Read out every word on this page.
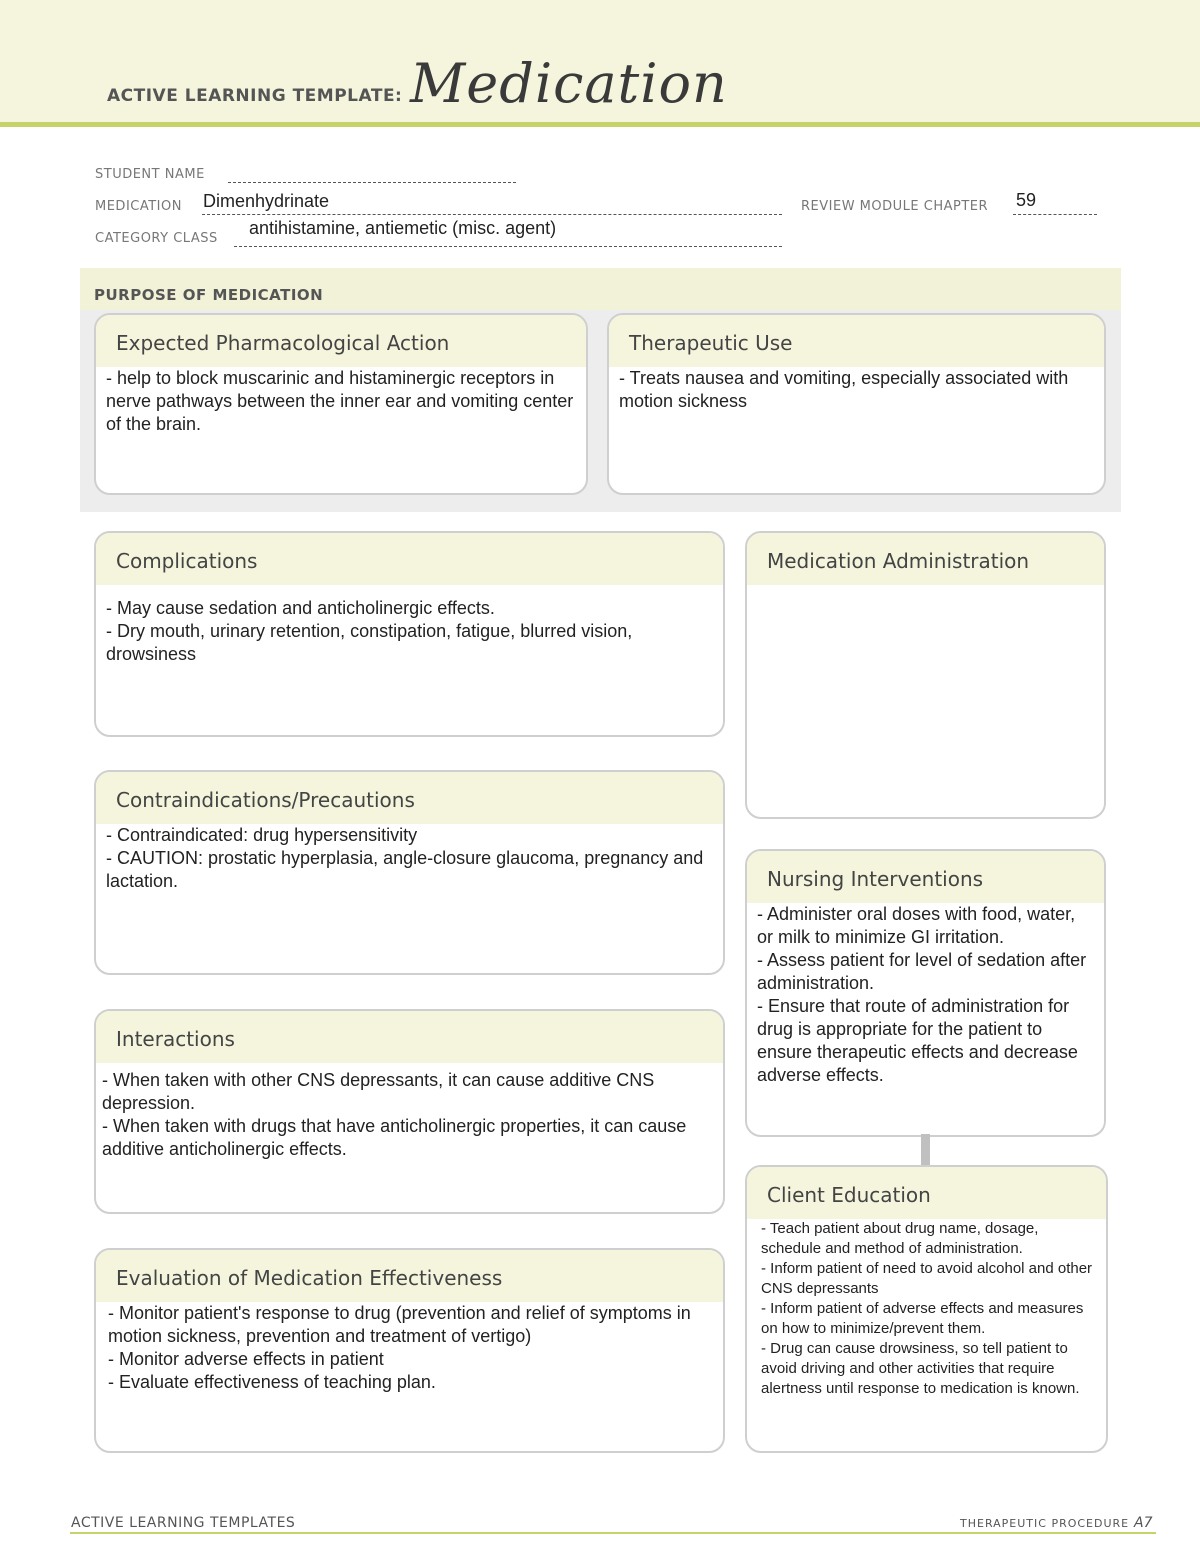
ACTIVE LEARNING TEMPLATE: Medication
STUDENT NAME
MEDICATION Dimenhydrinate	REVIEW MODULE CHAPTER 59
CATEGORY CLASS
antihistamine, antiemetic (misc. agent)
PURPOSE OF MEDICATION
Expected Pharmacological Action
- help to block muscarinic and histaminergic receptors in nerve pathways between the inner ear and vomiting center of the brain.
Therapeutic Use
- Treats nausea and vomiting, especially associated with motion sickness
Complications
- May cause sedation and anticholinergic effects.
- Dry mouth, urinary retention, constipation, fatigue, blurred vision, drowsiness
Medication Administration
Contraindications/Precautions
- Contraindicated: drug hypersensitivity
- CAUTION: prostatic hyperplasia, angle-closure glaucoma, pregnancy and lactation.	Nursing Interventions
- Administer oral doses with food, water, or milk to minimize GI irritation.
- Assess patient for level of sedation after administration.
- Ensure that route of administration for drug is appropriate for the patient to ensure therapeutic effects and decrease adverse effects.
Interactions
- When taken with other CNS depressants, it can cause additive CNS depression.
- When taken with drugs that have anticholinergic properties, it can cause additive anticholinergic effects.
Client Education
- Teach patient about drug name, dosage, schedule and method of administration.
- Inform patient of need to avoid alcohol and other CNS depressants
- Inform patient of adverse effects and measures on how to minimize/prevent them.
- Drug can cause drowsiness, so tell patient to avoid driving and other activities that require alertness until response to medication is known.
Evaluation of Medication Effectiveness
- Monitor patient's response to drug (prevention and relief of symptoms in motion sickness, prevention and treatment of vertigo)
- Monitor adverse effects in patient
- Evaluate effectiveness of teaching plan.
ACTIVE LEARNING TEMPLATES	THERAPEUTIC PROCEDURE A7
